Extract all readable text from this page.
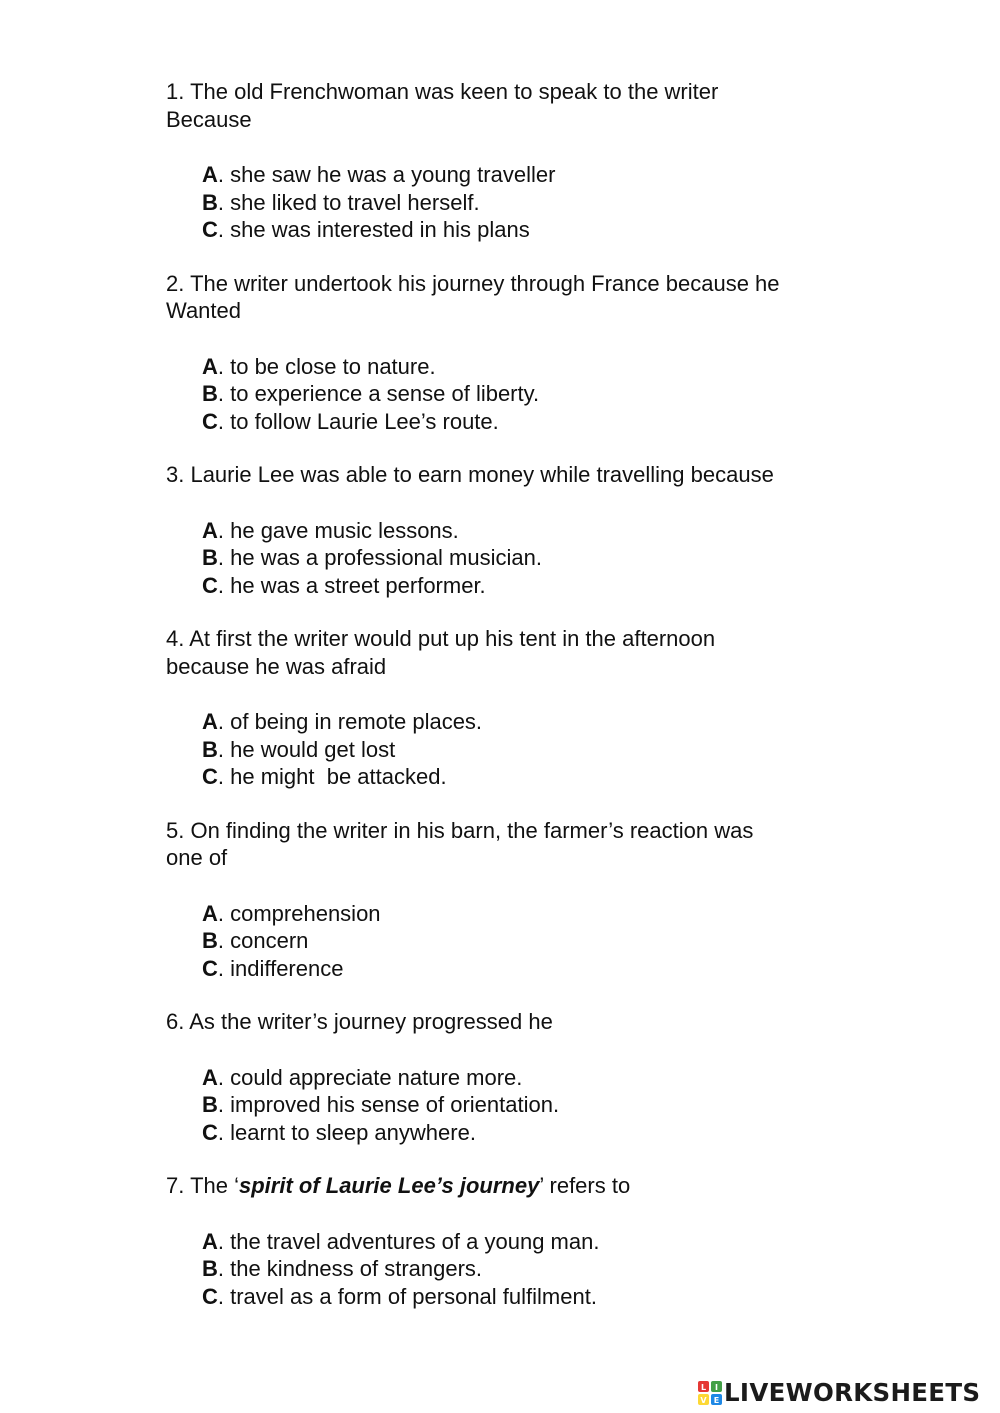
1. The old Frenchwoman was keen to speak to the writer
Because

A. she saw he was a young traveller
B. she liked to travel herself.
C. she was interested in his plans

2. The writer undertook his journey through France because he
Wanted

A. to be close to nature.
B. to experience a sense of liberty.
C. to follow Laurie Lee’s route.

3. Laurie Lee was able to earn money while travelling because

A. he gave music lessons.
B. he was a professional musician.
C. he was a street performer.

4. At first the writer would put up his tent in the afternoon
because he was afraid

A. of being in remote places.
B. he would get lost
C. he might  be attacked.

5. On finding the writer in his barn, the farmer’s reaction was
one of

A. comprehension
B. concern
C. indifference

6. As the writer’s journey progressed he

A. could appreciate nature more.
B. improved his sense of orientation.
C. learnt to sleep anywhere.

7. The ‘spirit of Laurie Lee’s journey’ refers to

A. the travel adventures of a young man.
B. the kindness of strangers.
C. travel as a form of personal fulfilment.
L I
V E LIVEWORKSHEETS
